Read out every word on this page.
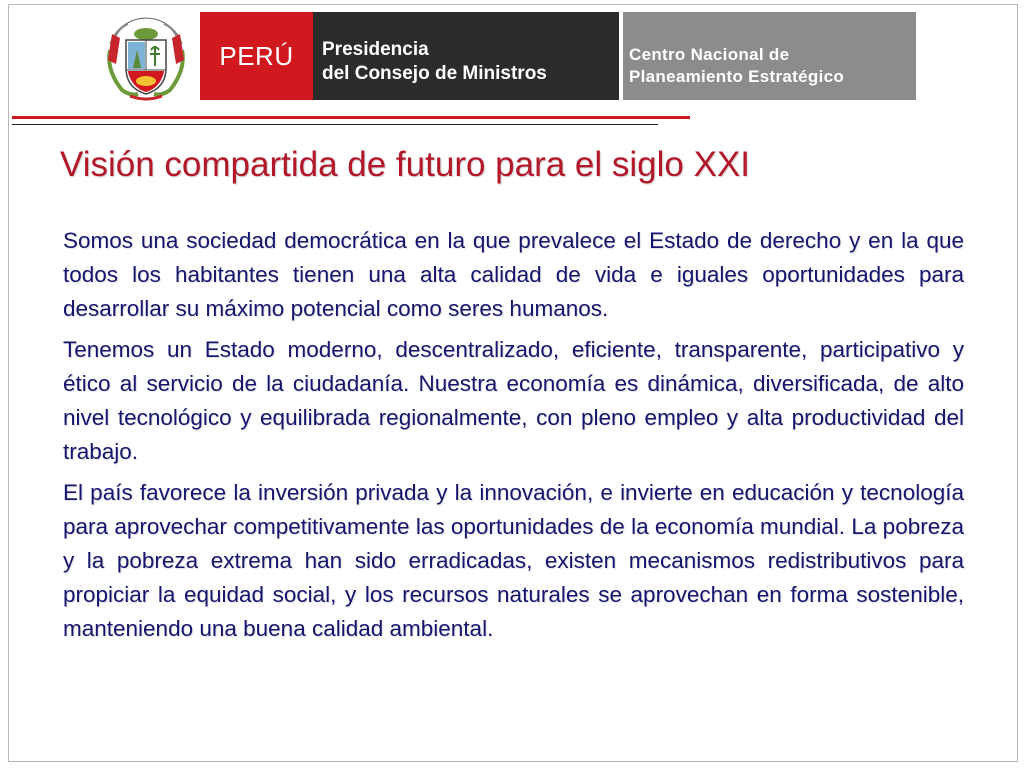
PERÚ Presidencia
del Consejo de Ministros
Centro Nacional de
Planeamiento Estratégico
Visión compartida de futuro para el siglo XXI

Somos una sociedad democrática en la que prevalece el Estado de derecho y en la que todos los habitantes tienen una alta calidad de vida e iguales oportunidades para desarrollar su máximo potencial como seres humanos.

Tenemos un Estado moderno, descentralizado, eficiente, transparente, participativo y ético al servicio de la ciudadanía. Nuestra economía es dinámica, diversificada, de alto nivel tecnológico y equilibrada regionalmente, con pleno empleo y alta productividad del trabajo.

El país favorece la inversión privada y la innovación, e invierte en educación y tecnología para aprovechar competitivamente las oportunidades de la economía mundial. La pobreza y la pobreza extrema han sido erradicadas, existen mecanismos redistributivos para propiciar la equidad social, y los recursos naturales se aprovechan en forma sostenible, manteniendo una buena calidad ambiental.
